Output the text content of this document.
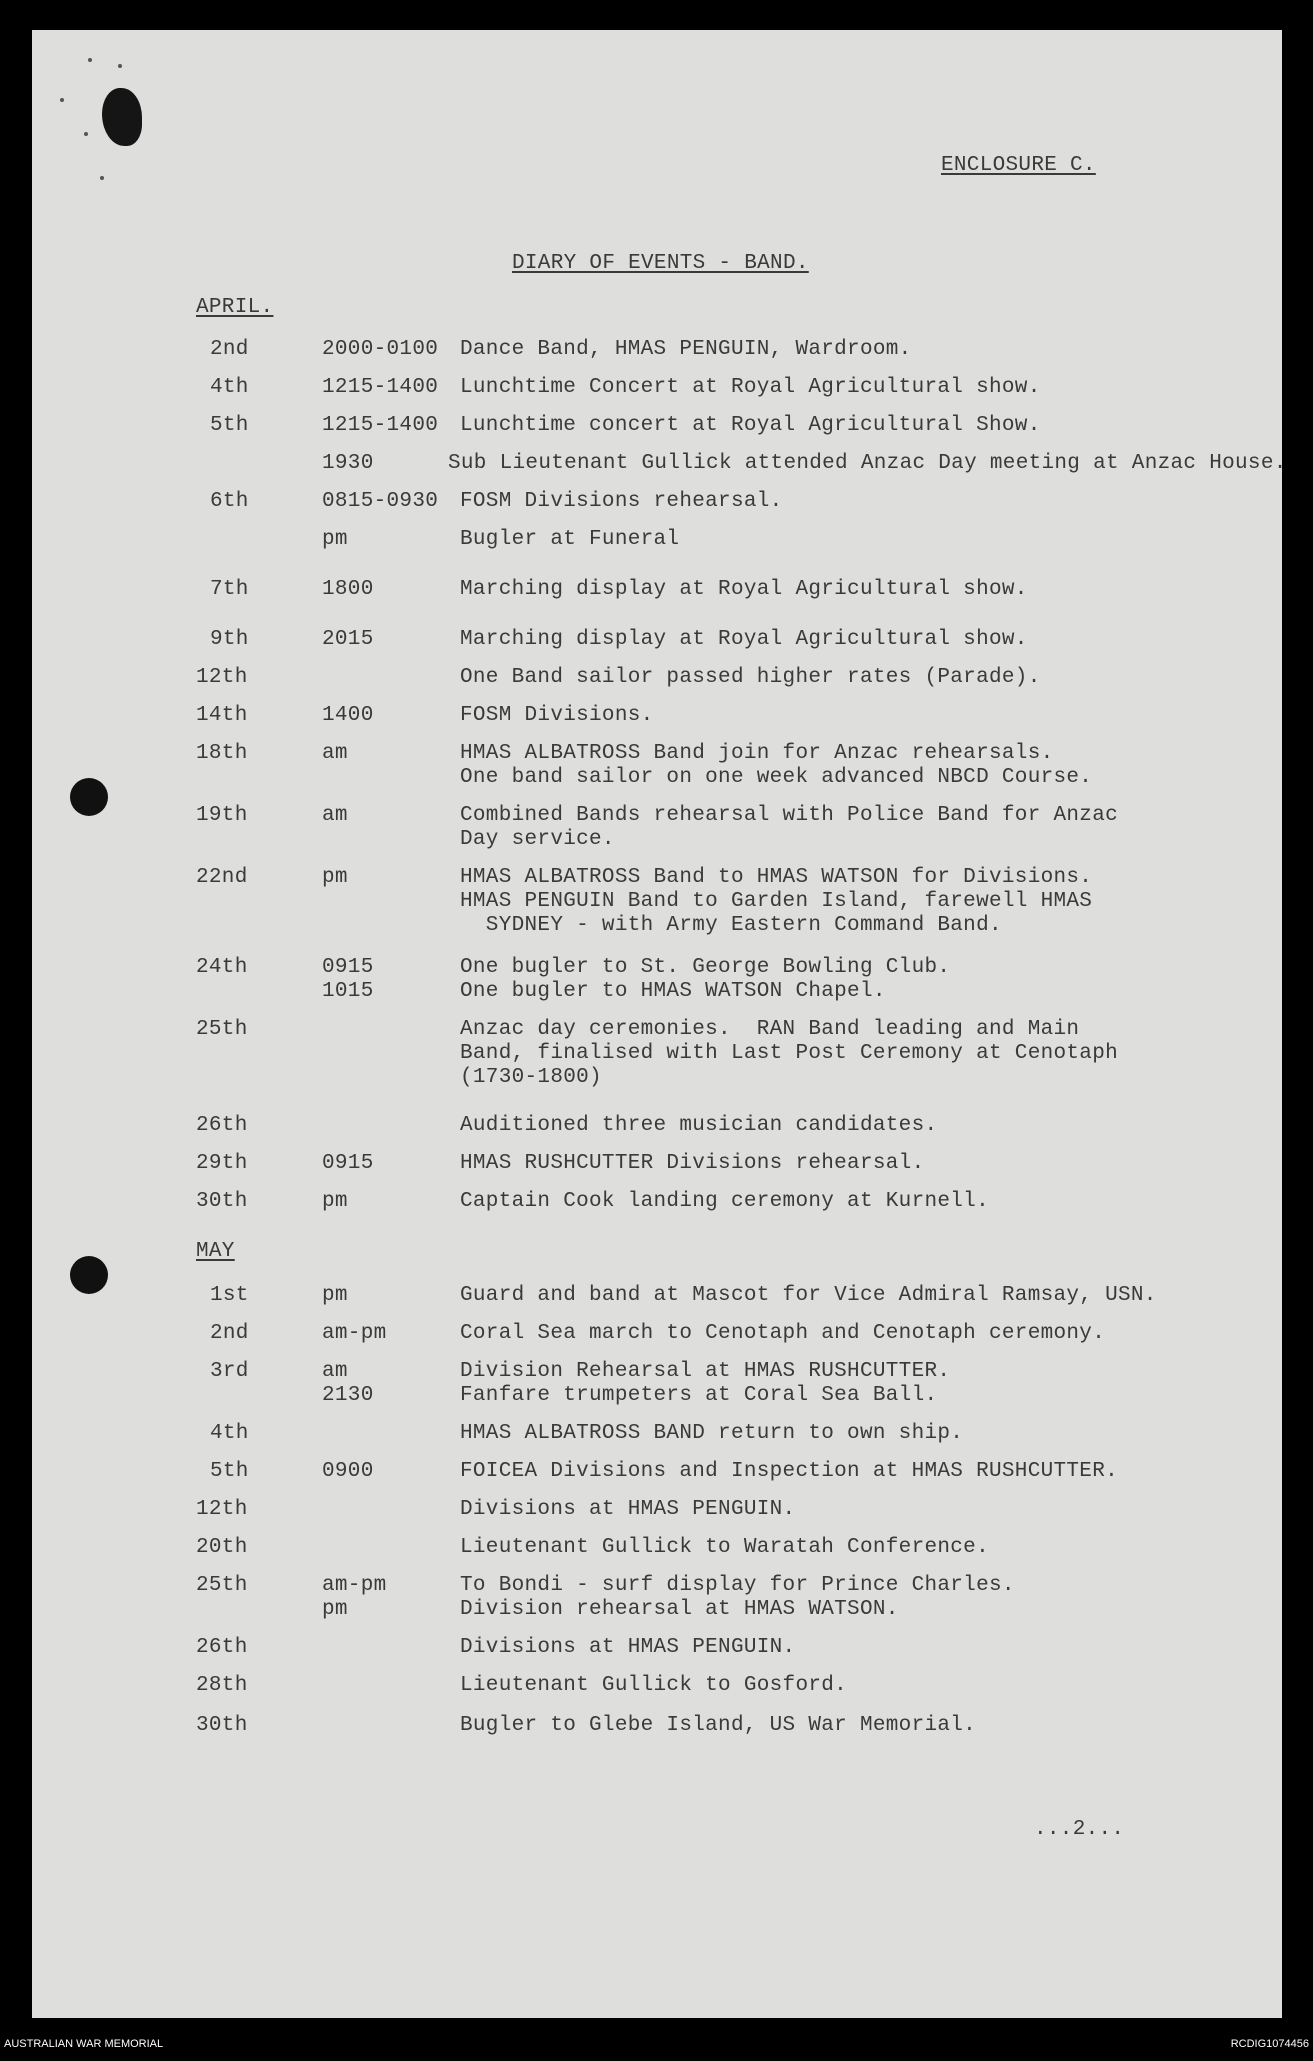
ENCLOSURE C.
DIARY OF EVENTS - BAND.
APRIL.
2nd	2000-0100 Dance Band, HMAS PENGUIN, Wardroom.
4th	1215-1400 Lunchtime Concert at Royal Agricultural show.
5th	1215-1400 Lunchtime concert at Royal Agricultural Show.
1930	Sub Lieutenant Gullick attended Anzac Day meeting at Anzac House.
6th	0815-0930 FOSM Divisions rehearsal.
pm	Bugler at Funeral
7th	1800	Marching display at Royal Agricultural show.
9th	2015	Marching display at Royal Agricultural show.
12th	One Band sailor passed higher rates (Parade).
14th	1400	FOSM Divisions.
18th	am	HMAS ALBATROSS Band join for Anzac rehearsals.
One band sailor on one week advanced NBCD Course.
19th	am	Combined Bands rehearsal with Police Band for Anzac
Day service.
22nd	pm	HMAS ALBATROSS Band to HMAS WATSON for Divisions.
HMAS PENGUIN Band to Garden Island, farewell HMAS
SYDNEY - with Army Eastern Command Band.
24th	0915	One bugler to St. George Bowling Club.
1015	One bugler to HMAS WATSON Chapel.
25th	Anzac day ceremonies.  RAN Band leading and Main
Band, finalised with Last Post Ceremony at Cenotaph
(1730-1800)
26th	Auditioned three musician candidates.
29th	0915	HMAS RUSHCUTTER Divisions rehearsal.
30th	pm	Captain Cook landing ceremony at Kurnell.
MAY
1st	pm	Guard and band at Mascot for Vice Admiral Ramsay, USN.
2nd	am-pm	Coral Sea march to Cenotaph and Cenotaph ceremony.
3rd	am	Division Rehearsal at HMAS RUSHCUTTER.
2130	Fanfare trumpeters at Coral Sea Ball.
4th	HMAS ALBATROSS BAND return to own ship.
5th	0900	FOICEA Divisions and Inspection at HMAS RUSHCUTTER.
12th	Divisions at HMAS PENGUIN.
20th	Lieutenant Gullick to Waratah Conference.
25th	am-pm	To Bondi - surf display for Prince Charles.
pm	Division rehearsal at HMAS WATSON.
26th	Divisions at HMAS PENGUIN.
28th	Lieutenant Gullick to Gosford.
30th	Bugler to Glebe Island, US War Memorial.
...2...
AUSTRALIAN WAR MEMORIAL	RCDIG1074456
